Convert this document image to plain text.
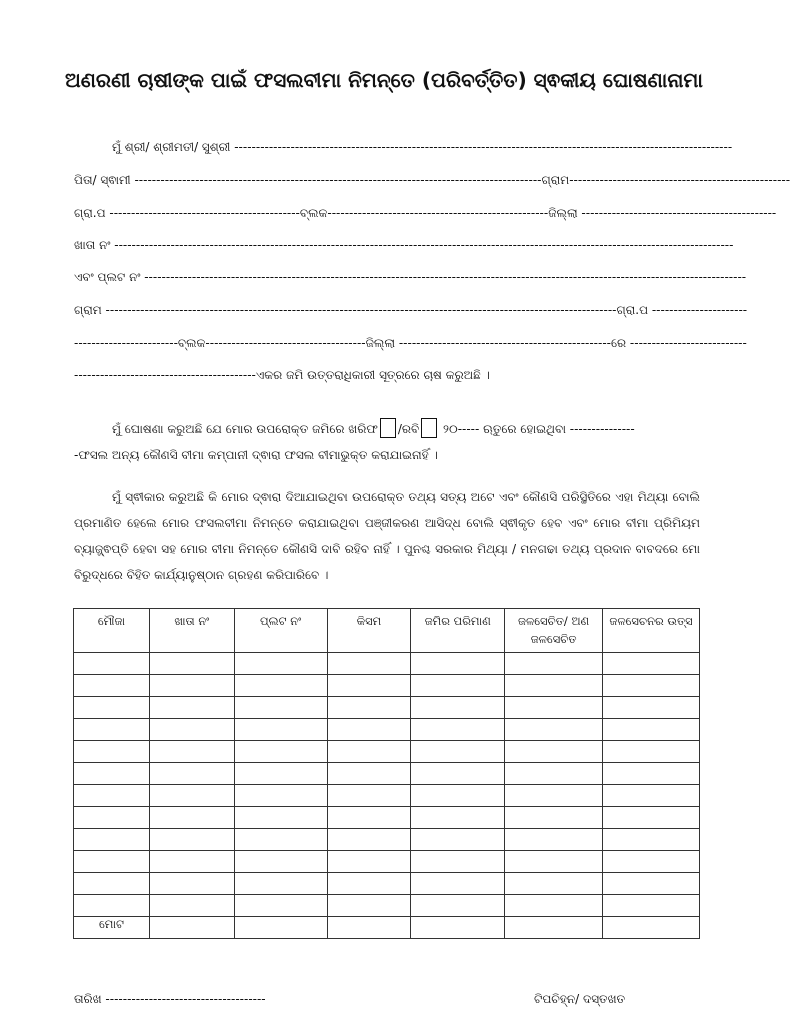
ଅଣରଣୀ ଚାଷୀଙ୍କ ପାଇଁ ଫସଲବୀମା ନିମନ୍ତେ (ପରିବର୍ତ୍ତିତ) ସ୍ଵକୀୟ ଘୋଷଣାନାମା
ମୁଁ ଶ୍ରୀ/ ଶ୍ରୀମତୀ/ ସୁଶ୍ରୀ -------------------------------------------------------------------------------------------------------------------
ପିତା/ ସ୍ଵାମୀ ----------------------------------------------------------------------------------------------ଗ୍ରାମ---------------------------------------------------
ଗ୍ରା.ପ --------------------------------------------ବ୍ଲକ---------------------------------------------------ଜିଲ୍ଲା ---------------------------------------------
ଖାତା ନଂ -----------------------------------------------------------------------------------------------------------------------------------------------
ଏବଂ ପ୍ଲଟ ନଂ -------------------------------------------------------------------------------------------------------------------------------------------
ଗ୍ରାମ ----------------------------------------------------------------------------------------------------------------------ଗ୍ରା.ପ ----------------------
------------------------ବ୍ଲକ-------------------------------------ଜିଲ୍ଲା -------------------------------------------------ରେ ---------------------------
------------------------------------------ଏକର ଜମି ଉତ୍ତରାଧିକାରୀ ସୂତ୍ରରେ ଚାଷ କରୁଅଛି ।
ମୁଁ ଘୋଷଣା କରୁଅଛି ଯେ ମୋର ଉପରୋକ୍ତ ଜମିରେ ଖରିଫ /ରବି ୨୦----- ଋତୁରେ ହୋଇଥିବା ---------------
-ଫସଲ ଅନ୍ୟ କୌଣସି ବୀମା କମ୍ପାନୀ ଦ୍ଵାରା ଫସଲ ବୀମାଭୁକ୍ତ କରାଯାଇନାହିଁ ।
ମୁଁ ସ୍ଵୀକାର କରୁଅଛି କି ମୋର ଦ୍ଵାରା ଦିଆଯାଇଥିବା ଉପରୋକ୍ତ ତଥ୍ୟ ସତ୍ୟ ଅଟେ ଏବଂ କୌଣସି ପରିସ୍ଥିତିରେ ଏହା ମିଥ୍ୟା ବୋଲି ପ୍ରମାଣିତ ହେଲେ ମୋର ଫସଲବୀମା ନିମନ୍ତେ କରାଯାଇଥିବା ପଞ୍ଜୀକରଣ ଆସିଦ୍ଧ ବୋଲି ସ୍ଵୀକୃତ ହେବ ଏବଂ ମୋର ବୀମା ପ୍ରିମିୟମ ବ୍ୟାଜ୍ଜ୍ଵପ୍ତି ହେବା ସହ ମୋର ବୀମା ନିମନ୍ତେ କୌଣସି ଦାବି ରହିବ ନାହିଁ । ପୁନଶ୍ଚ ସରକାର ମିଥ୍ୟା / ମନଗଢା ତଥ୍ୟ ପ୍ରଦାନ ବାବଦରେ ମୋ ବିରୁଦ୍ଧରେ ବିହିତ କାର୍ଯ୍ୟାନୁଷ୍ଠାନ ଗ୍ରହଣ କରିପାରିବେ ।
ମୌଜା	ଖାତା ନଂ	ପ୍ଲଟ ନଂ	କିସମ	ଜମିର ପରିମାଣ	ଜଳସେଚିତ/ ଅଣ ଜଳସେଚିତ	ଜଳସେଚନର ଉତ୍ସ

ମୋଟ						
ତାରିଖ -------------------------------------	ଟିପଚିହ୍ନ/ ଦସ୍ତଖତ
